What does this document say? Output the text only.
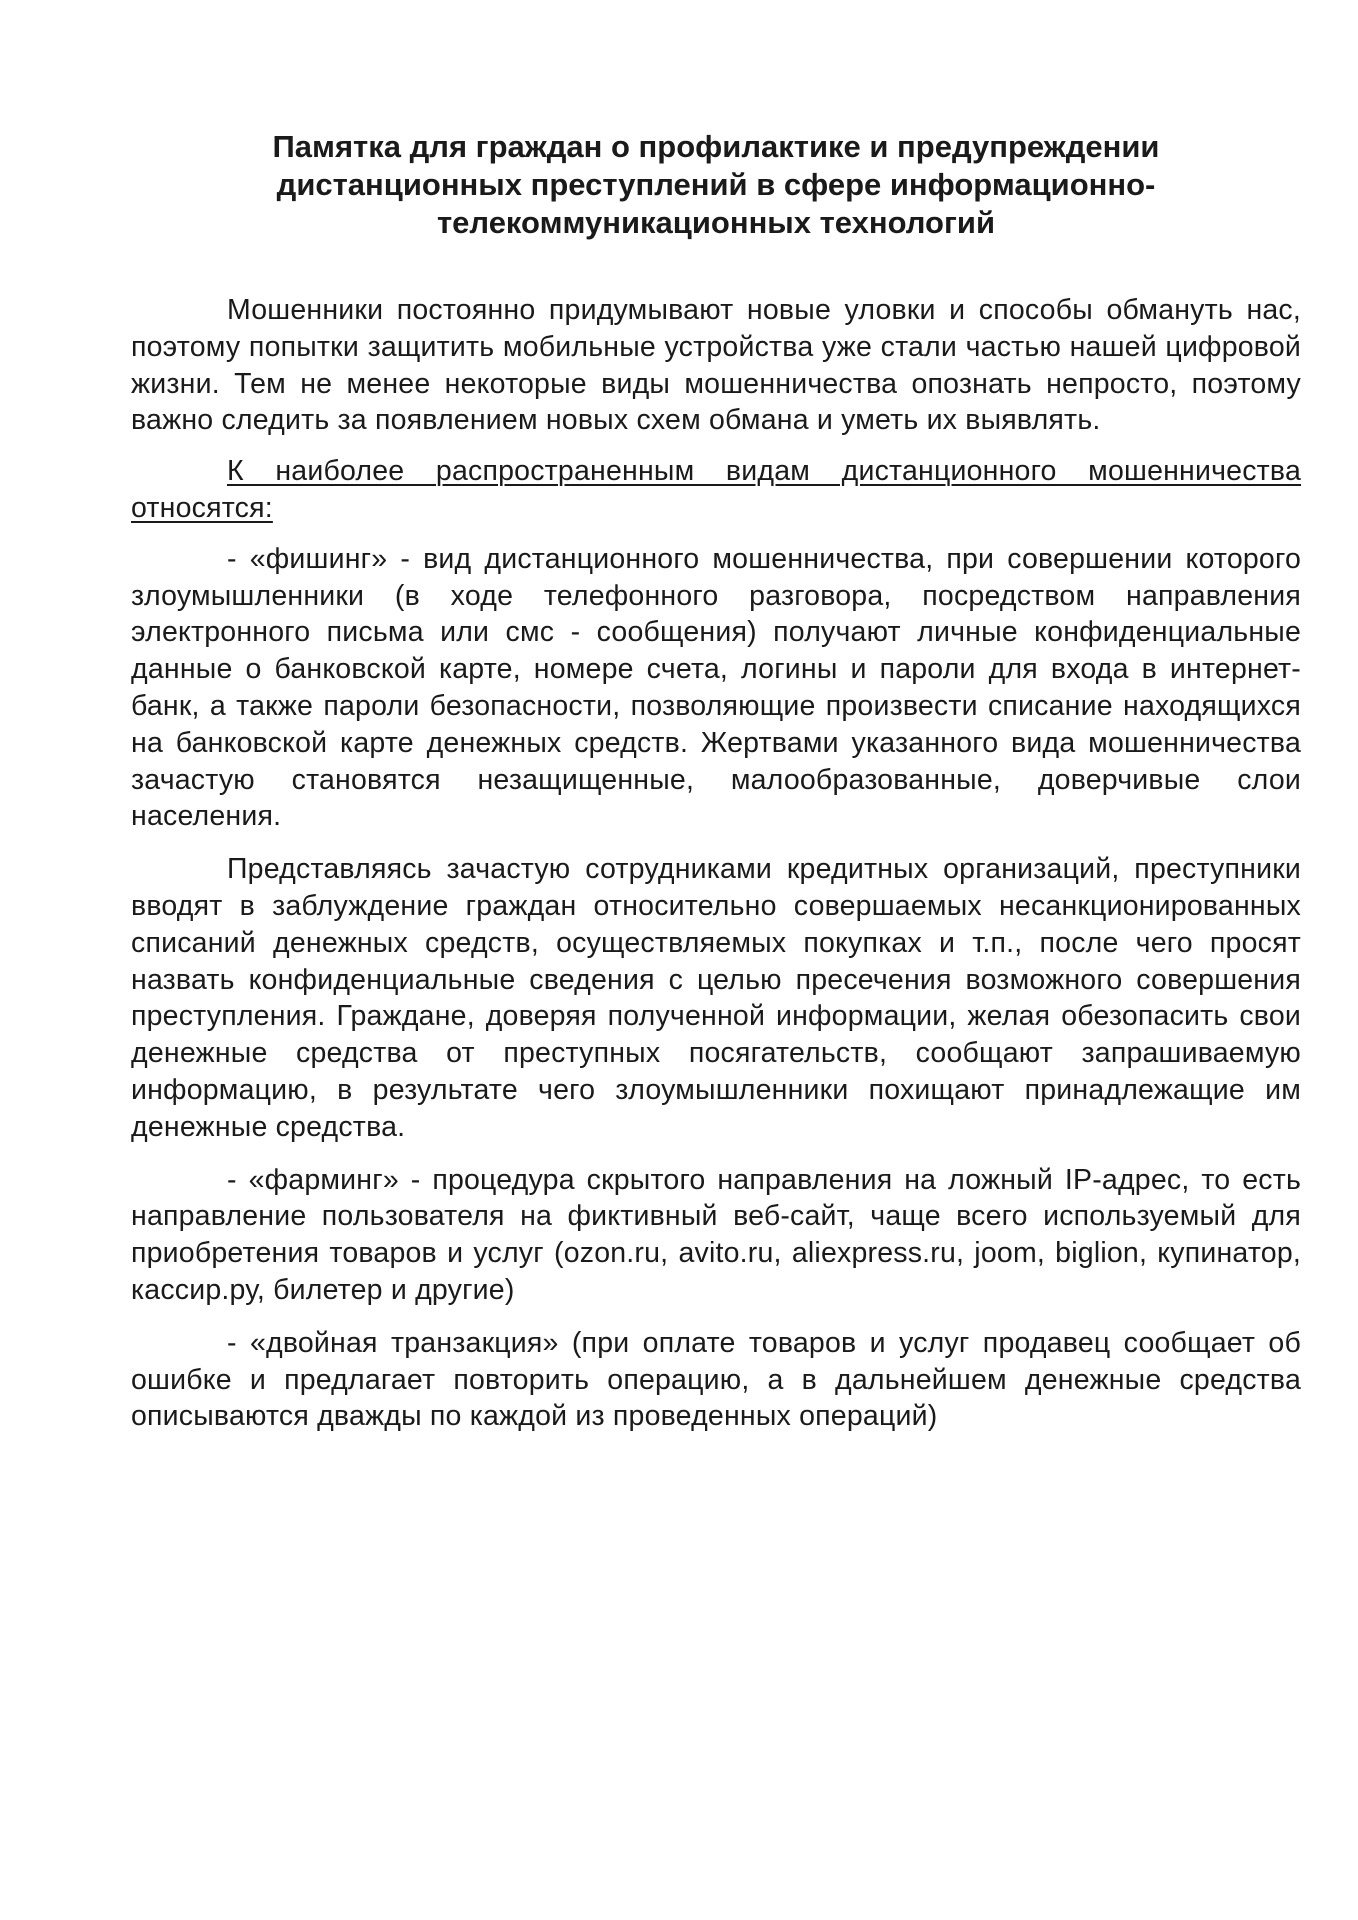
Памятка для граждан о профилактике и предупреждении
дистанционных преступлений в сфере информационно-
телекоммуникационных технологий

Мошенники постоянно придумывают новые уловки и способы обмануть нас, поэтому попытки защитить мобильные устройства уже стали частью нашей цифровой жизни. Тем не менее некоторые виды мошенничества опознать непросто, поэтому важно следить за появлением новых схем обмана и уметь их выявлять.

К наиболее распространенным видам дистанционного мошенничества относятся:

- «фишинг» - вид дистанционного мошенничества, при совершении которого злоумышленники (в ходе телефонного разговора, посредством направления электронного письма или смс - сообщения) получают личные конфиденциальные данные о банковской карте, номере счета, логины и пароли для входа в интернет-банк, а также пароли безопасности, позволяющие произвести списание находящихся на банковской карте денежных средств. Жертвами указанного вида мошенничества зачастую становятся незащищенные, малообразованные, доверчивые слои населения.

Представляясь зачастую сотрудниками кредитных организаций, преступники вводят в заблуждение граждан относительно совершаемых несанкционированных списаний денежных средств, осуществляемых покупках и т.п., после чего просят назвать конфиденциальные сведения с целью пресечения возможного совершения преступления. Граждане, доверяя полученной информации, желая обезопасить свои денежные средства от преступных посягательств, сообщают запрашиваемую информацию, в результате чего злоумышленники похищают принадлежащие им денежные средства.

- «фарминг» - процедура скрытого направления на ложный IP-адрес, то есть направление пользователя на фиктивный веб-сайт, чаще всего используемый для приобретения товаров и услуг (ozon.ru, avito.ru, aliexpress.ru, joom, biglion, купинатор, кассир.ру, билетер и другие)

- «двойная транзакция» (при оплате товаров и услуг продавец сообщает об ошибке и предлагает повторить операцию, а в дальнейшем денежные средства описываются дважды по каждой из проведенных операций)
